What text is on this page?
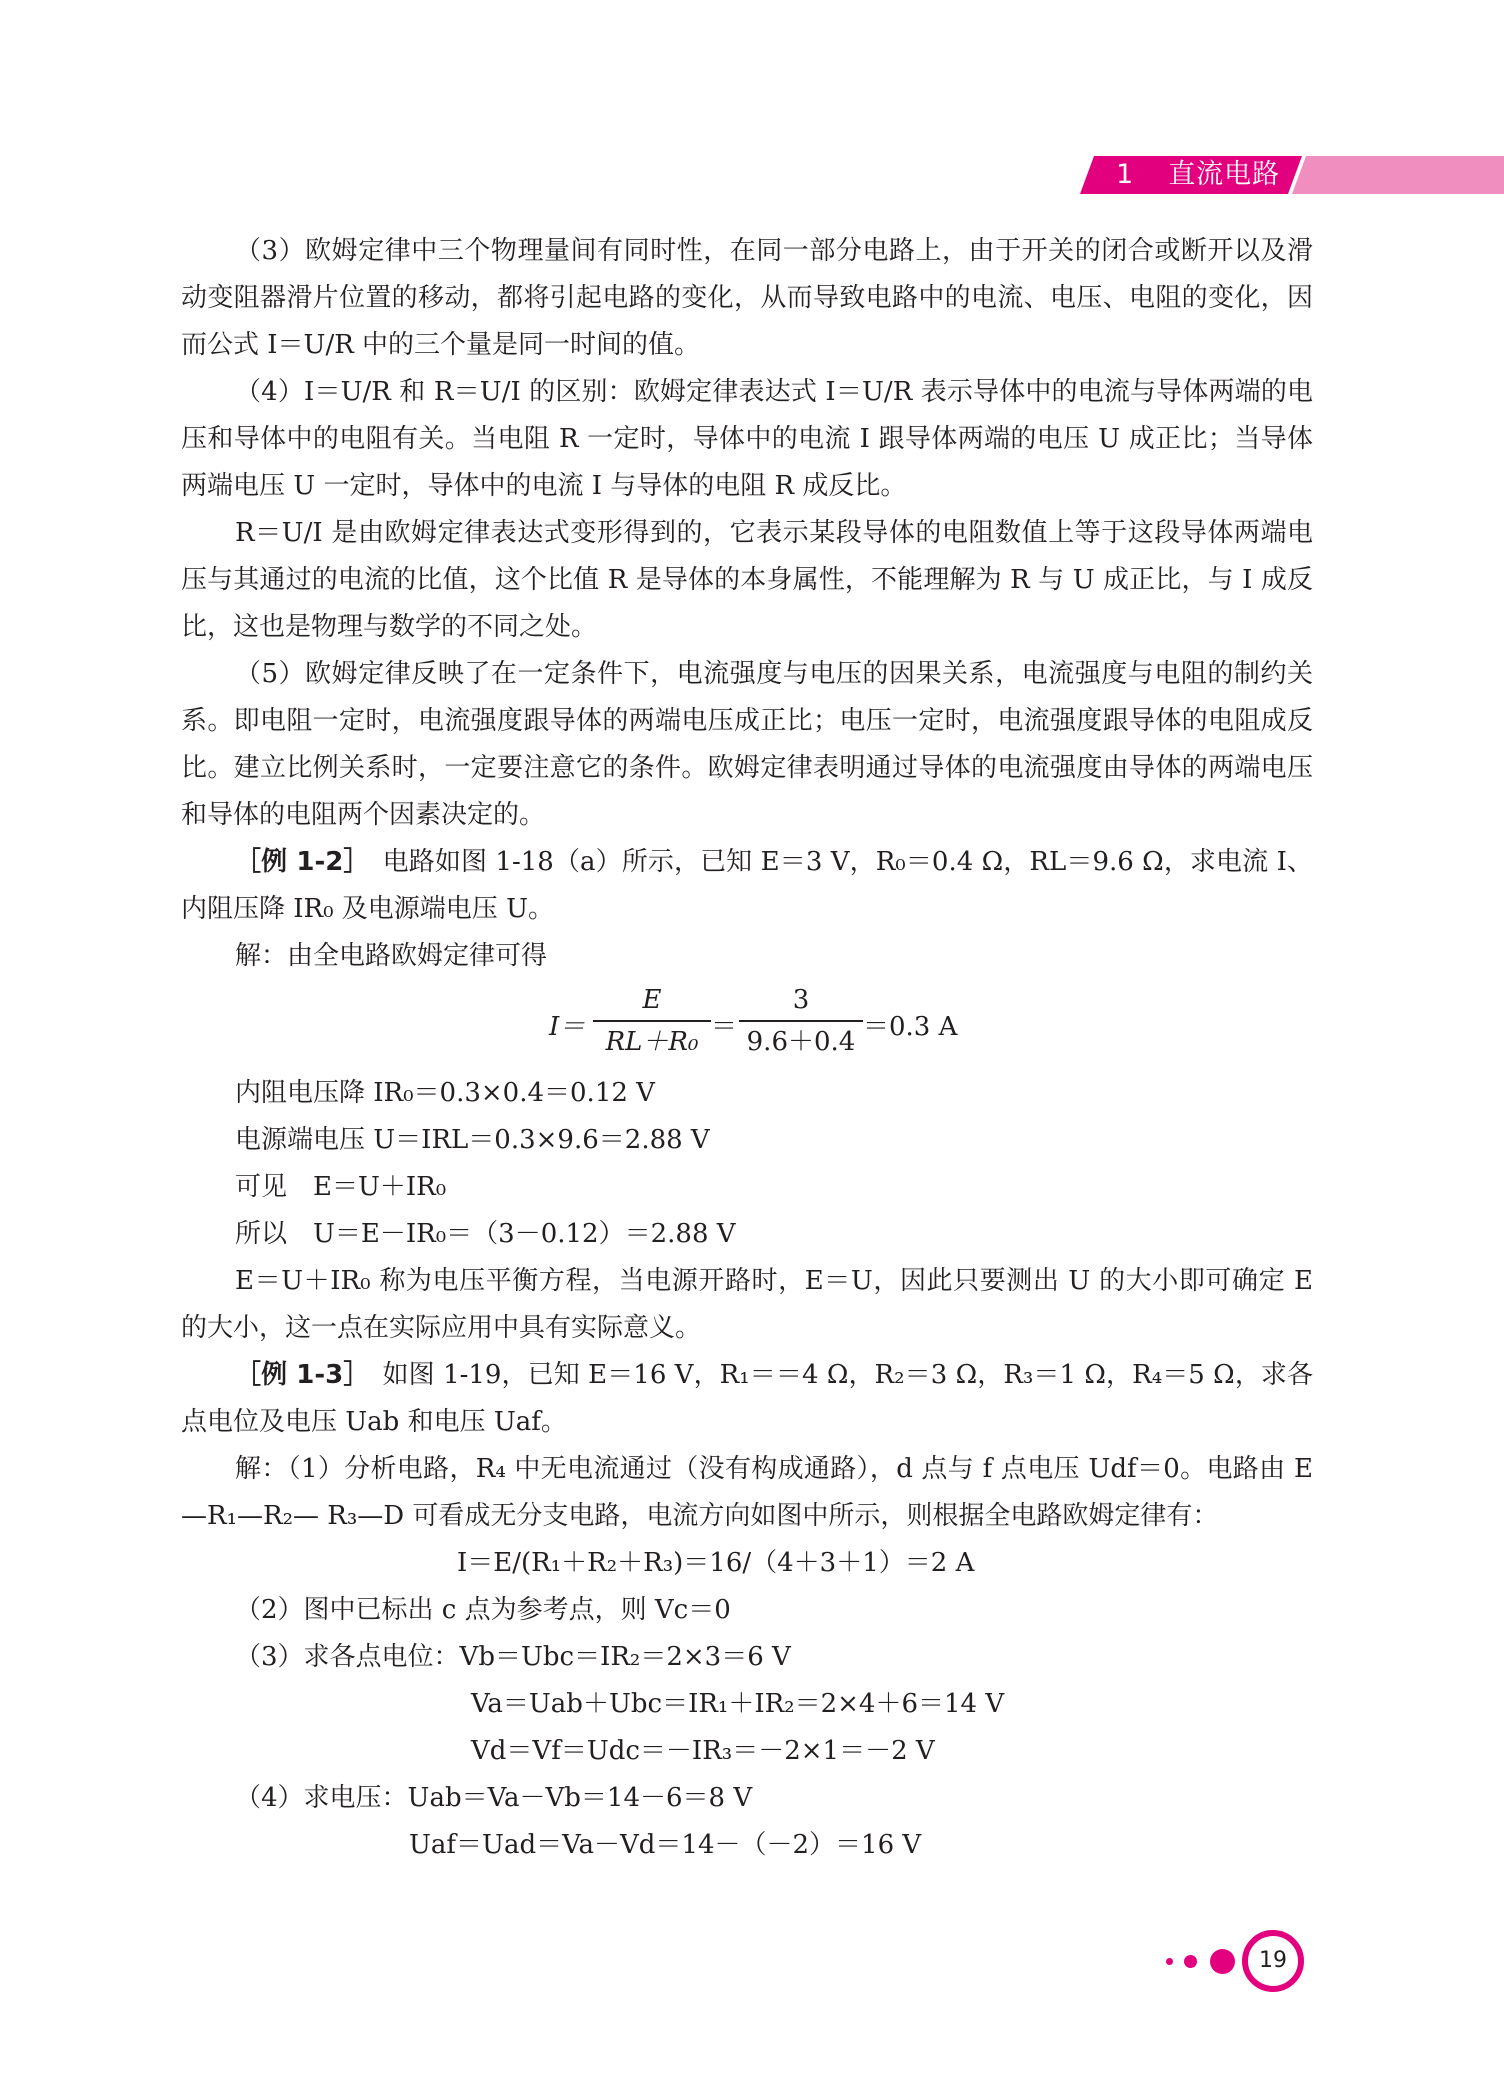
1 直流电路

（3）欧姆定律中三个物理量间有同时性，在同一部分电路上，由于开关的闭合或断开以及滑动变阻器滑片位置的移动，都将引起电路的变化，从而导致电路中的电流、电压、电阻的变化，因而公式 I＝U/R 中的三个量是同一时间的值。

（4）I＝U/R 和 R＝U/I 的区别：欧姆定律表达式 I＝U/R 表示导体中的电流与导体两端的电压和导体中的电阻有关。当电阻 R 一定时，导体中的电流 I 跟导体两端的电压 U 成正比；当导体两端电压 U 一定时，导体中的电流 I 与导体的电阻 R 成反比。

R＝U/I 是由欧姆定律表达式变形得到的，它表示某段导体的电阻数值上等于这段导体两端电压与其通过的电流的比值，这个比值 R 是导体的本身属性，不能理解为 R 与 U 成正比，与 I 成反比，这也是物理与数学的不同之处。

（5）欧姆定律反映了在一定条件下，电流强度与电压的因果关系，电流强度与电阻的制约关系。即电阻一定时，电流强度跟导体的两端电压成正比；电压一定时，电流强度跟导体的电阻成反比。建立比例关系时，一定要注意它的条件。欧姆定律表明通过导体的电流强度由导体的两端电压和导体的电阻两个因素决定的。

［例 1-2］　 电路如图 1-18（a）所示，已知 E＝3 V，R₀＝0.4 Ω，RL＝9.6 Ω，求电流 I、内阻压降 IR₀ 及电源端电压 U。

解：由全电路欧姆定律可得

I＝
E
RL＋R₀ ＝
3
9.6＋0.4 ＝0.3 A

内阻电压降 IR₀＝0.3×0.4＝0.12 V

电源端电压 U＝IRL＝0.3×9.6＝2.88 V

可见　E＝U＋IR₀

所以　U＝E－IR₀＝（3－0.12）＝2.88 V

E＝U＋IR₀ 称为电压平衡方程，当电源开路时，E＝U，因此只要测出 U 的大小即可确定 E 的大小，这一点在实际应用中具有实际意义。

［例 1-3］　 如图 1-19，已知 E＝16 V，R₁＝＝4 Ω，R₂＝3 Ω，R₃＝1 Ω，R₄＝5 Ω，求各点电位及电压 Uab 和电压 Uaf。

解：（1）分析电路，R₄ 中无电流通过（没有构成通路），d 点与 f 点电压 Udf＝0。电路由 E—R₁—R₂— R₃—D 可看成无分支电路，电流方向如图中所示，则根据全电路欧姆定律有：

I＝E/(R₁＋R₂＋R₃)＝16/（4＋3＋1）＝2 A

（2）图中已标出 c 点为参考点，则 Vc＝0

（3）求各点电位：Vb＝Ubc＝IR₂＝2×3＝6 V

Va＝Uab＋Ubc＝IR₁＋IR₂＝2×4＋6＝14 V

Vd＝Vf＝Udc＝－IR₃＝－2×1＝－2 V

（4）求电压：Uab＝Va－Vb＝14－6＝8 V

Uaf＝Uad＝Va－Vd＝14－（－2）＝16 V

19
